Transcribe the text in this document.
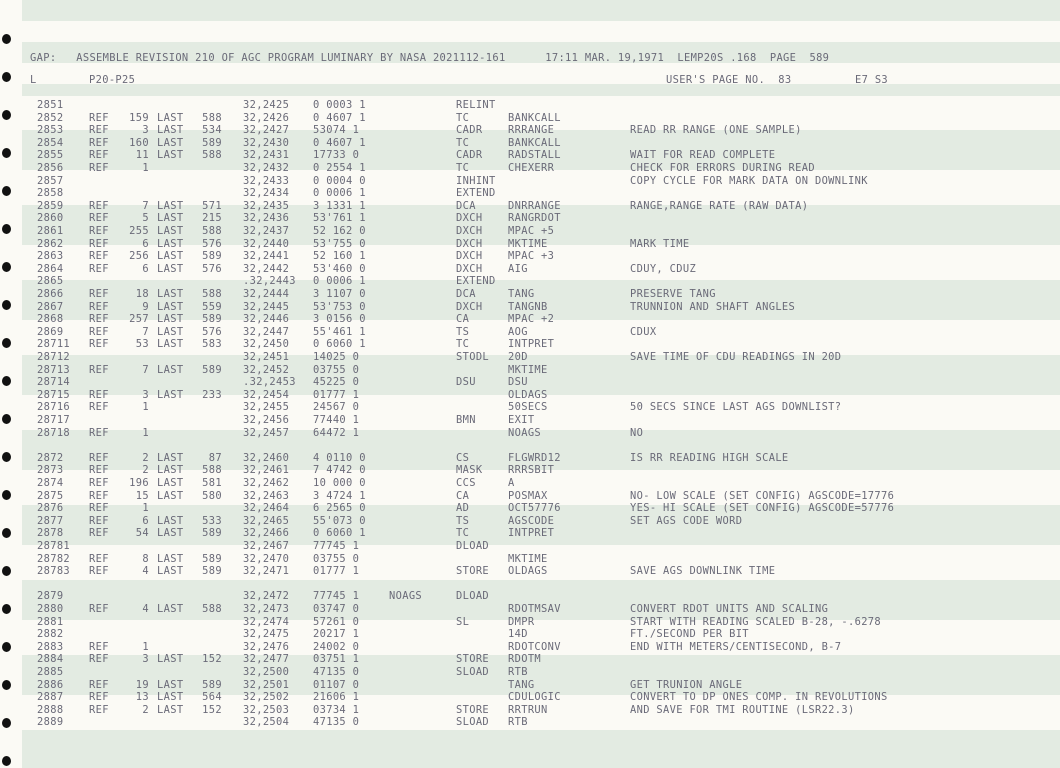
GAP:   ASSEMBLE REVISION 210 OF AGC PROGRAM LUMINARY BY NASA 2021112-161      17:11 MAR. 19,1971  LEMP20S .168  PAGE  589
L	P20-P25	USER'S PAGE NO.  83	E7 S3
2851	32,2425 0 0003 1	RELINT
2852 REF	159 LAST	588 32,2426 0 4607 1	TC	BANKCALL
2853 REF	3 LAST	534 32,2427 53074 1	CADR RRRANGE	READ RR RANGE (ONE SAMPLE)
2854 REF	160 LAST	589 32,2430 0 4607 1	TC	BANKCALL
2855 REF	11 LAST	588 32,2431 17733 0	CADR RADSTALL	WAIT FOR READ COMPLETE
2856 REF	1	32,2432 0 2554 1	TC	CHEXERR	CHECK FOR ERRORS DURING READ
2857	32,2433 0 0004 0	INHINT	COPY CYCLE FOR MARK DATA ON DOWNLINK
2858	32,2434 0 0006 1	EXTEND
2859 REF	7 LAST	571 32,2435 3 1331 1	DCA	DNRRANGE	RANGE,RANGE RATE (RAW DATA)
2860 REF	5 LAST	215 32,2436 53'761 1	DXCH RANGRDOT
2861 REF	255 LAST	588 32,2437 52 162 0	DXCH MPAC +5
2862 REF	6 LAST	576 32,2440 53'755 0	DXCH MKTIME	MARK TIME
2863 REF	256 LAST	589 32,2441 52 160 1	DXCH MPAC +3
2864 REF	6 LAST	576 32,2442 53'460 0	DXCH AIG	CDUY, CDUZ
2865	.32,2443 0 0006 1	EXTEND
2866 REF	18 LAST	588 32,2444 3 1107 0	DCA	TANG	PRESERVE TANG
2867 REF	9 LAST	559 32,2445 53'753 0	DXCH TANGNB	TRUNNION AND SHAFT ANGLES
2868 REF	257 LAST	589 32,2446 3 0156 0	CA	MPAC +2
2869 REF	7 LAST	576 32,2447 55'461 1	TS	AOG	CDUX
28711 REF	53 LAST	583 32,2450 0 6060 1	TC	INTPRET
28712	32,2451 14025 0	STODL 20D	SAVE TIME OF CDU READINGS IN 20D
28713 REF	7 LAST	589 32,2452 03755 0	MKTIME
28714	.32,2453 45225 0	DSU	DSU
28715 REF	3 LAST	233 32,2454 01777 1	OLDAGS
28716 REF	1	32,2455 24567 0	50SECS	50 SECS SINCE LAST AGS DOWNLIST?
28717	32,2456 77440 1	BMN	EXIT
28718 REF	1	32,2457 64472 1	NOAGS	NO
2872 REF	2 LAST	87 32,2460 4 0110 0	CS	FLGWRD12	IS RR READING HIGH SCALE
2873 REF	2 LAST	588 32,2461 7 4742 0	MASK RRRSBIT
2874 REF	196 LAST	581 32,2462 10 000 0	CCS	A
2875 REF	15 LAST	580 32,2463 3 4724 1	CA	POSMAX	NO- LOW SCALE (SET CONFIG) AGSCODE=17776
2876 REF	1	32,2464 6 2565 0	AD	OCT57776	YES- HI SCALE (SET CONFIG) AGSCODE=57776
2877 REF	6 LAST	533 32,2465 55'073 0	TS	AGSCODE	SET AGS CODE WORD
2878 REF	54 LAST	589 32,2466 0 6060 1	TC	INTPRET
28781	32,2467 77745 1	DLOAD
28782 REF	8 LAST	589 32,2470 03755 0	MKTIME
28783 REF	4 LAST	589 32,2471 01777 1	STORE OLDAGS	SAVE AGS DOWNLINK TIME
2879	32,2472 77745 1	NOAGS	DLOAD
2880 REF	4 LAST	588 32,2473 03747 0	RDOTMSAV	CONVERT RDOT UNITS AND SCALING
2881	32,2474 57261 0	SL	DMPR	START WITH READING SCALED B-28, -.6278
2882	32,2475 20217 1	14D	FT./SECOND PER BIT
2883 REF	1	32,2476 24002 0	RDOTCONV	END WITH METERS/CENTISECOND, B-7
2884 REF	3 LAST	152 32,2477 03751 1	STORE RDOTM
2885	32,2500 47135 0	SLOAD RTB
2886 REF	19 LAST	589 32,2501 01107 0	TANG	GET TRUNION ANGLE
2887 REF	13 LAST	564 32,2502 21606 1	CDULOGIC	CONVERT TO DP ONES COMP. IN REVOLUTIONS
2888 REF	2 LAST	152 32,2503 03734 1	STORE RRTRUN	AND SAVE FOR TMI ROUTINE (LSR22.3)
2889	32,2504 47135 0	SLOAD RTB
